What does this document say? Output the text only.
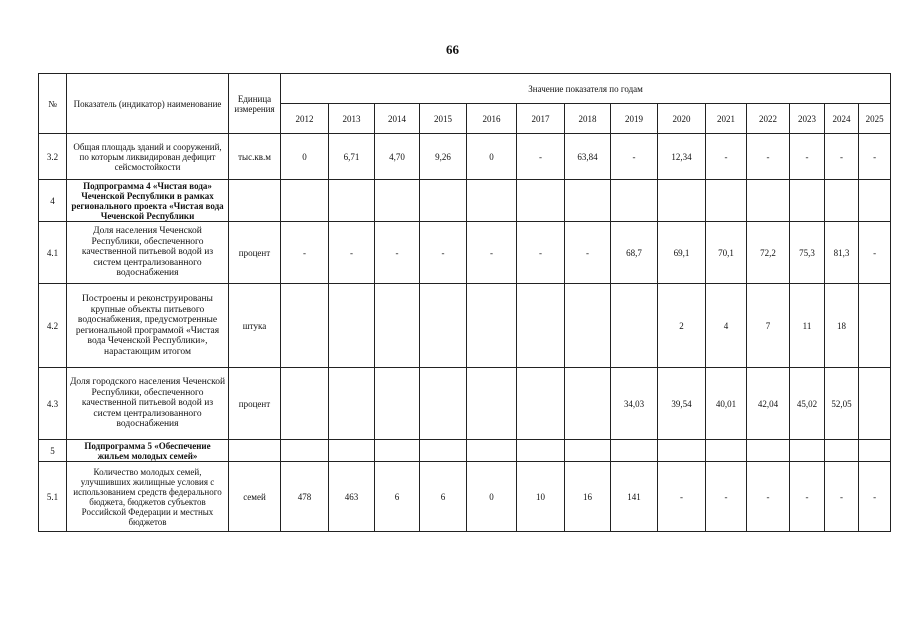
66
№	Показатель (индикатор) наименование	Единица измерения	Значение показателя по годам													
			2012	2013	2014	2015	2016	2017	2018	2019	2020	2021	2022	2023	2024	2025
3.2	Общая площадь зданий и сооружений, по которым ликвидирован дефицит сейсмостойкости	тыс.кв.м	0	6,71	4,70	9,26	0	-	63,84	-	12,34	-	-	-	-	-
4	Подпрограмма 4 «Чистая вода» Чеченской Республики в рамках регионального проекта «Чистая вода Чеченской Республики															
4.1	Доля населения Чеченской Республики, обеспеченного качественной питьевой водой из систем централизованного водоснабжения	процент	-	-	-	-	-	-	-	68,7	69,1	70,1	72,2	75,3	81,3	-
4.2	Построены и реконструированы крупные объекты питьевого водоснабжения, предусмотренные региональной программой «Чистая вода Чеченской Республики», нарастающим итогом	штука									2	4	7	11	18	
4.3	Доля городского населения Чеченской Республики, обеспеченного качественной питьевой водой из систем централизованного водоснабжения	процент								34,03	39,54	40,01	42,04	45,02	52,05	
5	Подпрограмма 5 «Обеспечение жильем молодых семей»															
5.1	Количество молодых семей, улучшивших жилищные условия с использованием средств федерального бюджета, бюджетов субъектов Российской Федерации и местных бюджетов	семей	478	463	6	6	0	10	16	141	-	-	-	-	-	-
